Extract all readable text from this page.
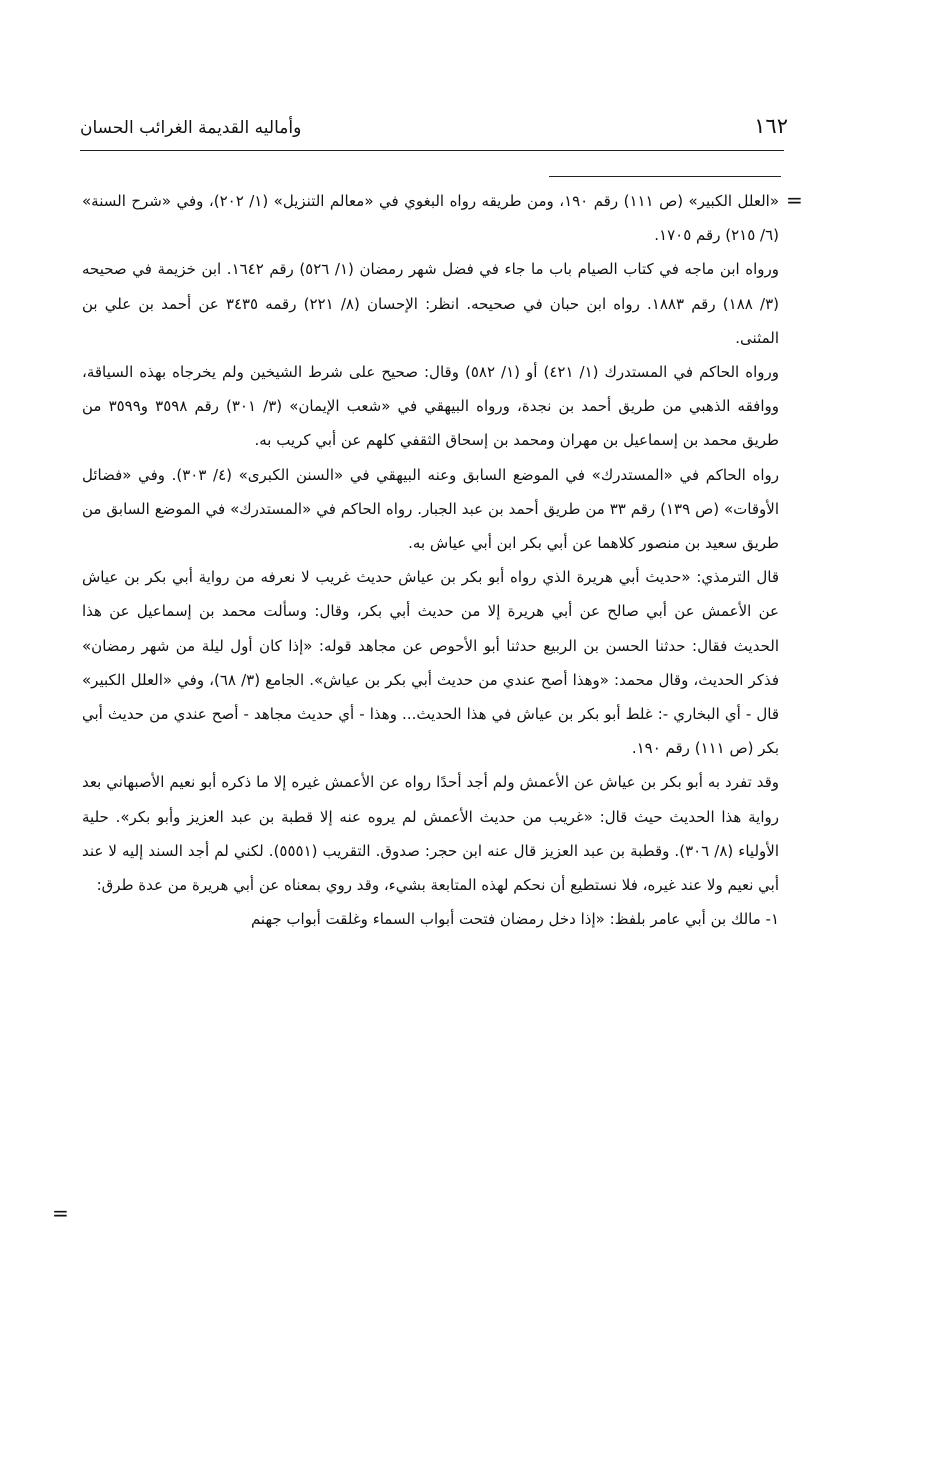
١٦٢
وأماليه القديمة الغرائب الحسان
=

«العلل الكبير» (ص ١١١) رقم ١٩٠، ومن طريقه رواه البغوي في «معالم التنزيل» (١/ ٢٠٢)، وفي «شرح السنة» (٦/ ٢١٥) رقم ١٧٠٥.

ورواه ابن ماجه في كتاب الصيام باب ما جاء في فضل شهر رمضان (١/ ٥٢٦) رقم ١٦٤٢. ابن خزيمة في صحيحه (٣/ ١٨٨) رقم ١٨٨٣. رواه ابن حبان في صحيحه. انظر: الإحسان (٨/ ٢٢١) رقمه ٣٤٣٥ عن أحمد بن علي بن المثنى.

ورواه الحاكم في المستدرك (١/ ٤٢١) أو (١/ ٥٨٢) وقال: صحيح على شرط الشيخين ولم يخرجاه بهذه السياقة، ووافقه الذهبي من طريق أحمد بن نجدة، ورواه البيهقي في «شعب الإيمان» (٣/ ٣٠١) رقم ٣٥٩٨ و٣٥٩٩ من طريق محمد بن إسماعيل بن مهران ومحمد بن إسحاق الثقفي كلهم عن أبي كريب به.

رواه الحاكم في «المستدرك» في الموضع السابق وعنه البيهقي في «السنن الكبرى» (٤/ ٣٠٣). وفي «فضائل الأوقات» (ص ١٣٩) رقم ٣٣ من طريق أحمد بن عبد الجبار. رواه الحاكم في «المستدرك» في الموضع السابق من طريق سعيد بن منصور كلاهما عن أبي بكر ابن أبي عياش به.

قال الترمذي: «حديث أبي هريرة الذي رواه أبو بكر بن عياش حديث غريب لا نعرفه من رواية أبي بكر بن عياش عن الأعمش عن أبي صالح عن أبي هريرة إلا من حديث أبي بكر، وقال: وسألت محمد بن إسماعيل عن هذا الحديث فقال: حدثنا الحسن بن الربيع حدثنا أبو الأحوص عن مجاهد قوله: «إذا كان أول ليلة من شهر رمضان» فذكر الحديث، وقال محمد: «وهذا أصح عندي من حديث أبي بكر بن عياش». الجامع (٣/ ٦٨)، وفي «العلل الكبير» قال - أي البخاري -: غلط أبو بكر بن عياش في هذا الحديث... وهذا - أي حديث مجاهد - أصح عندي من حديث أبي بكر (ص ١١١) رقم ١٩٠.

وقد تفرد به أبو بكر بن عياش عن الأعمش ولم أجد أحدًا رواه عن الأعمش غيره إلا ما ذكره أبو نعيم الأصبهاني بعد رواية هذا الحديث حيث قال: «غريب من حديث الأعمش لم يروه عنه إلا قطبة بن عبد العزيز وأبو بكر». حلية الأولياء (٨/ ٣٠٦). وقطبة بن عبد العزيز قال عنه ابن حجر: صدوق. التقريب (٥٥٥١). لكني لم أجد السند إليه لا عند أبي نعيم ولا عند غيره، فلا نستطيع أن نحكم لهذه المتابعة بشيء، وقد روي بمعناه عن أبي هريرة من عدة طرق:

١- مالك بن أبي عامر بلفظ: «إذا دخل رمضان فتحت أبواب السماء وغلقت أبواب جهنم

=
